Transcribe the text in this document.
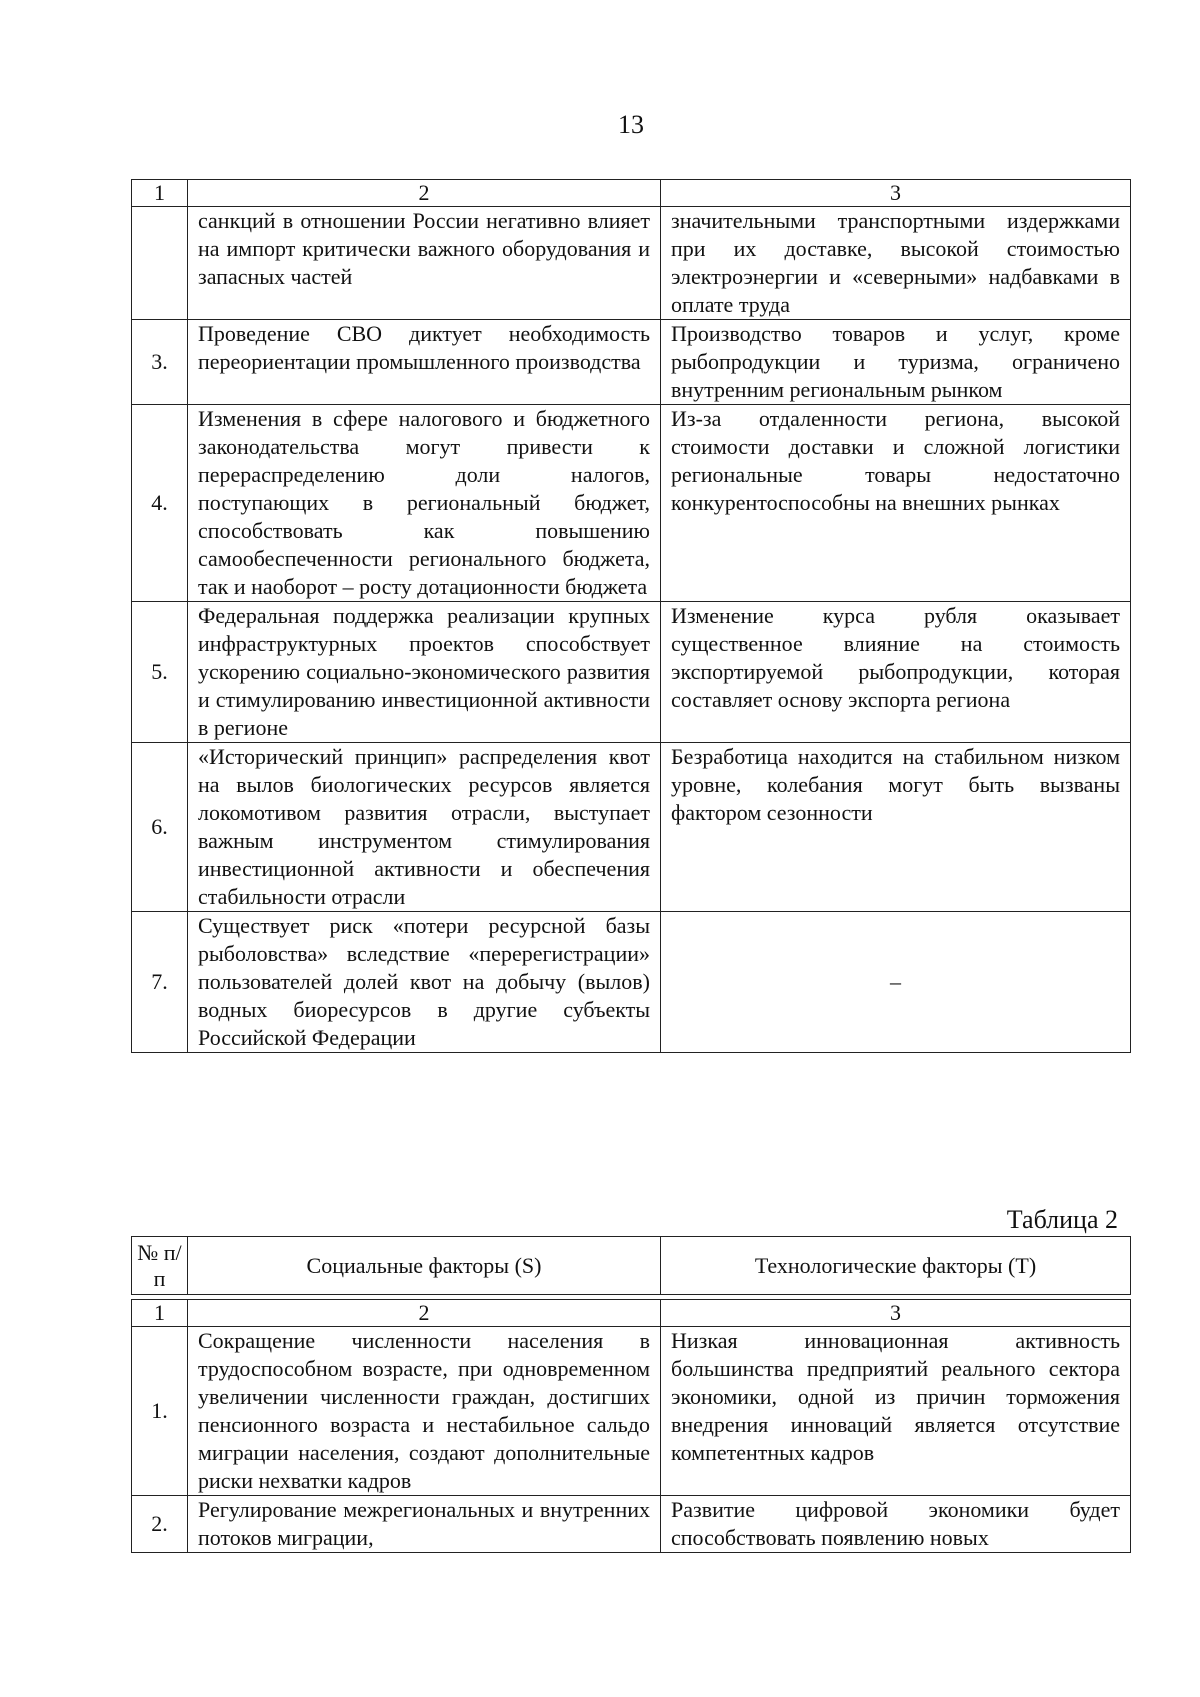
13
1	2	3
	санкций в отношении России негативно влияет на импорт критически важного оборудования и запасных частей	значительными транспортными издержками при их доставке, высокой стоимостью электроэнергии и «северными» надбавками в оплате труда
3.	Проведение СВО диктует необходимость переориентации промышленного производства	Производство товаров и услуг, кроме рыбопродукции и туризма, ограничено внутренним региональным рынком
4.	Изменения в сфере налогового и бюджетного законодательства могут привести к перераспределению доли налогов, поступающих в региональный бюджет, способствовать как повышению самообеспеченности регионального бюджета, так и наоборот – росту дотационности бюджета	Из-за отдаленности региона, высокой стоимости доставки и сложной логистики региональные товары недостаточно конкурентоспособны на внешних рынках
5.	Федеральная поддержка реализации крупных инфраструктурных проектов способствует ускорению социально-экономического развития и стимулированию инвестиционной активности в регионе	Изменение курса рубля оказывает существенное влияние на стоимость экспортируемой рыбопродукции, которая составляет основу экспорта региона
6.	«Исторический принцип» распределения квот на вылов биологических ресурсов является локомотивом развития отрасли, выступает важным инструментом стимулирования инвестиционной активности и обеспечения стабильности отрасли	Безработица находится на стабильном низком уровне, колебания могут быть вызваны фактором сезонности
7.	Существует риск «потери ресурсной базы рыболовства» вследствие «перерегистрации» пользователей долей квот на добычу (вылов) водных биоресурсов в другие субъекты Российской Федерации	–
Таблица 2
№ п/п	Социальные факторы (S)	Технологические факторы (T)
1	2	3
1.	Сокращение численности населения в трудоспособном возрасте, при одновременном увеличении численности граждан, достигших пенсионного возраста и нестабильное сальдо миграции населения, создают дополнительные риски нехватки кадров	Низкая инновационная активность большинства предприятий реального сектора экономики, одной из причин торможения внедрения инноваций является отсутствие компетентных кадров
2.	Регулирование межрегиональных и внутренних потоков миграции,	Развитие цифровой экономики будет способствовать появлению новых
